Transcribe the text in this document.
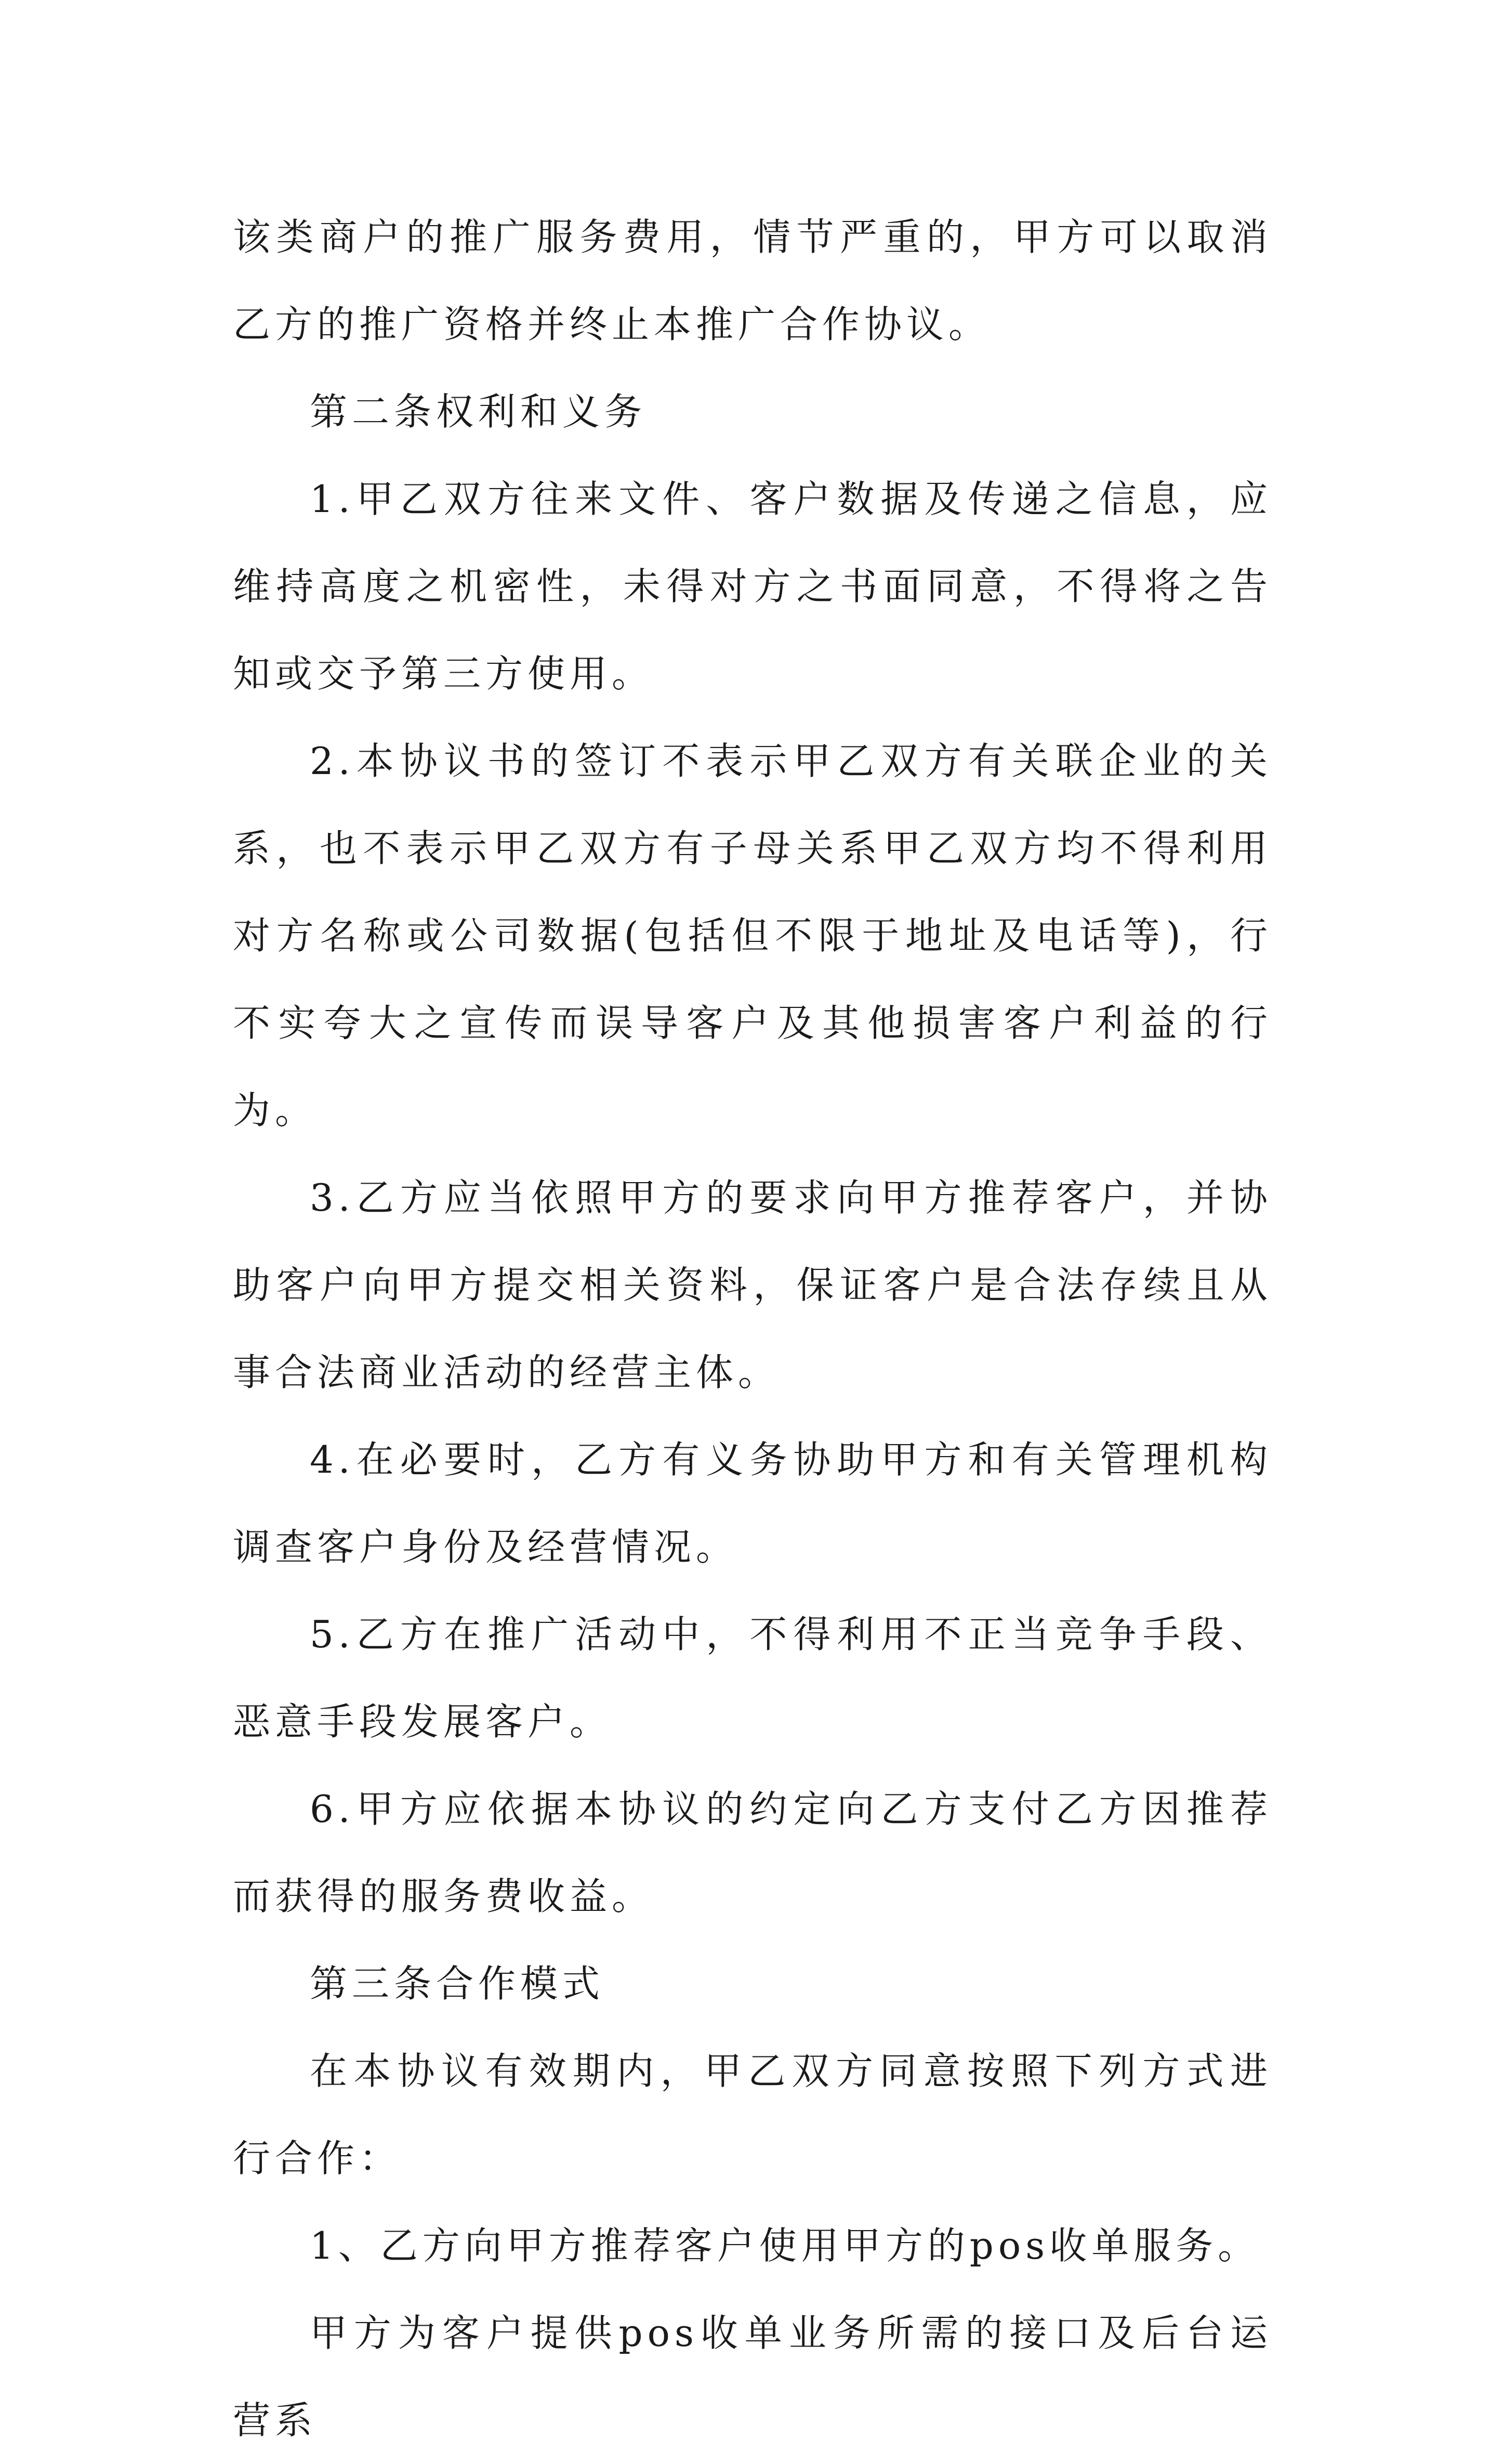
该类商户的推广服务费用，情节严重的，甲方可以取消乙方的推广资格并终止本推广合作协议。

第二条权利和义务

1.甲乙双方往来文件、客户数据及传递之信息，应维持高度之机密性，未得对方之书面同意，不得将之告知或交予第三方使用。

2.本协议书的签订不表示甲乙双方有关联企业的关系，也不表示甲乙双方有子母关系甲乙双方均不得利用对方名称或公司数据(包括但不限于地址及电话等)，行不实夸大之宣传而误导客户及其他损害客户利益的行为。

3.乙方应当依照甲方的要求向甲方推荐客户，并协助客户向甲方提交相关资料，保证客户是合法存续且从事合法商业活动的经营主体。

4.在必要时，乙方有义务协助甲方和有关管理机构调查客户身份及经营情况。

5.乙方在推广活动中，不得利用不正当竞争手段、恶意手段发展客户。

6.甲方应依据本协议的约定向乙方支付乙方因推荐而获得的服务费收益。

第三条合作模式

在本协议有效期内，甲乙双方同意按照下列方式进行合作：

1、乙方向甲方推荐客户使用甲方的pos收单服务。

甲方为客户提供pos收单业务所需的接口及后台运营系
